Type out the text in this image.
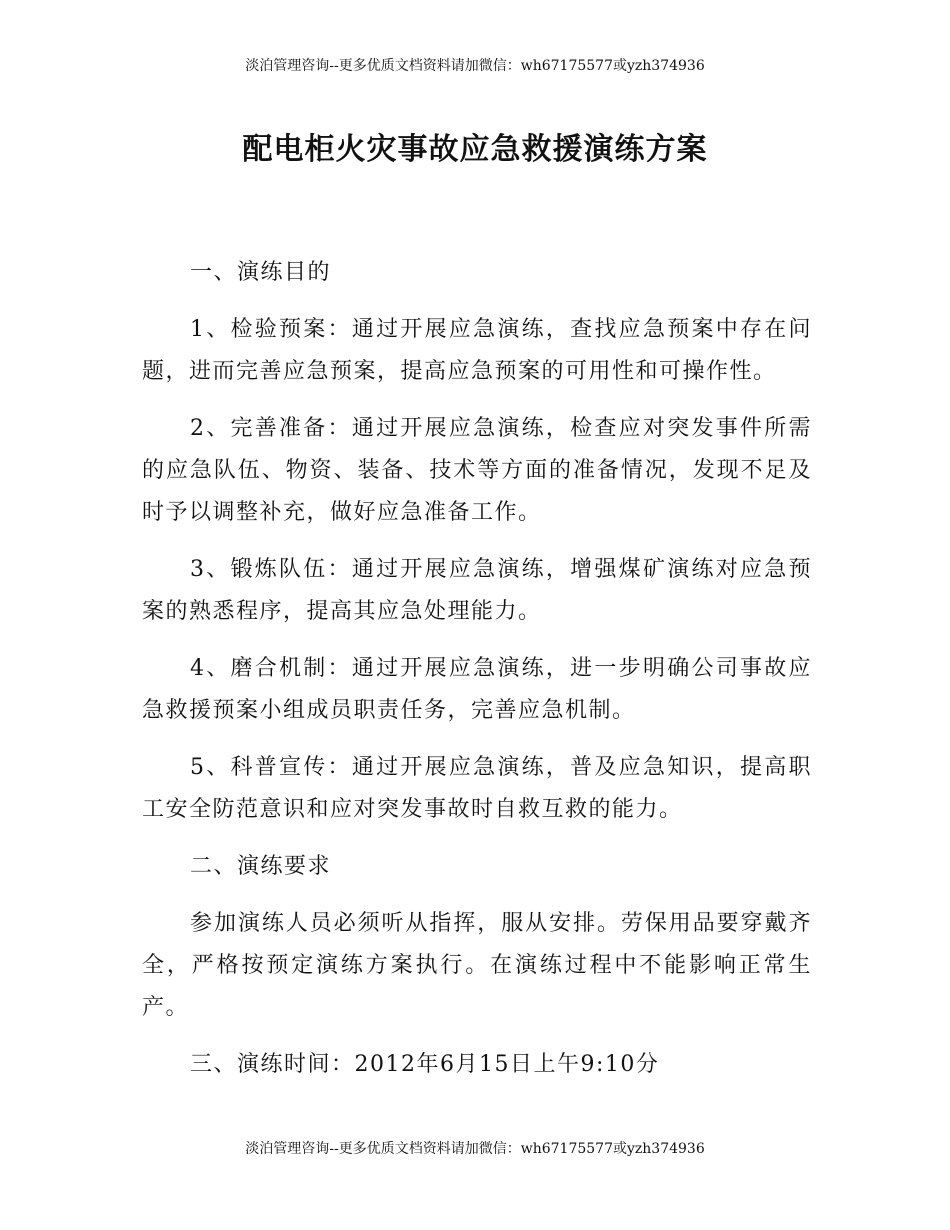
淡泊管理咨询--更多优质文档资料请加微信：wh67175577或yzh374936
配电柜火灾事故应急救援演练方案

一、演练目的

1、检验预案：通过开展应急演练，查找应急预案中存在问题，进而完善应急预案，提高应急预案的可用性和可操作性。

2、完善准备：通过开展应急演练，检查应对突发事件所需的应急队伍、物资、装备、技术等方面的准备情况，发现不足及时予以调整补充，做好应急准备工作。

3、锻炼队伍：通过开展应急演练，增强煤矿演练对应急预案的熟悉程序，提高其应急处理能力。

4、磨合机制：通过开展应急演练，进一步明确公司事故应急救援预案小组成员职责任务，完善应急机制。

5、科普宣传：通过开展应急演练，普及应急知识，提高职工安全防范意识和应对突发事故时自救互救的能力。

二、演练要求

参加演练人员必须听从指挥，服从安排。劳保用品要穿戴齐全，严格按预定演练方案执行。在演练过程中不能影响正常生产。

三、演练时间：2012年6月15日上午9:10分

淡泊管理咨询--更多优质文档资料请加微信：wh67175577或yzh374936
